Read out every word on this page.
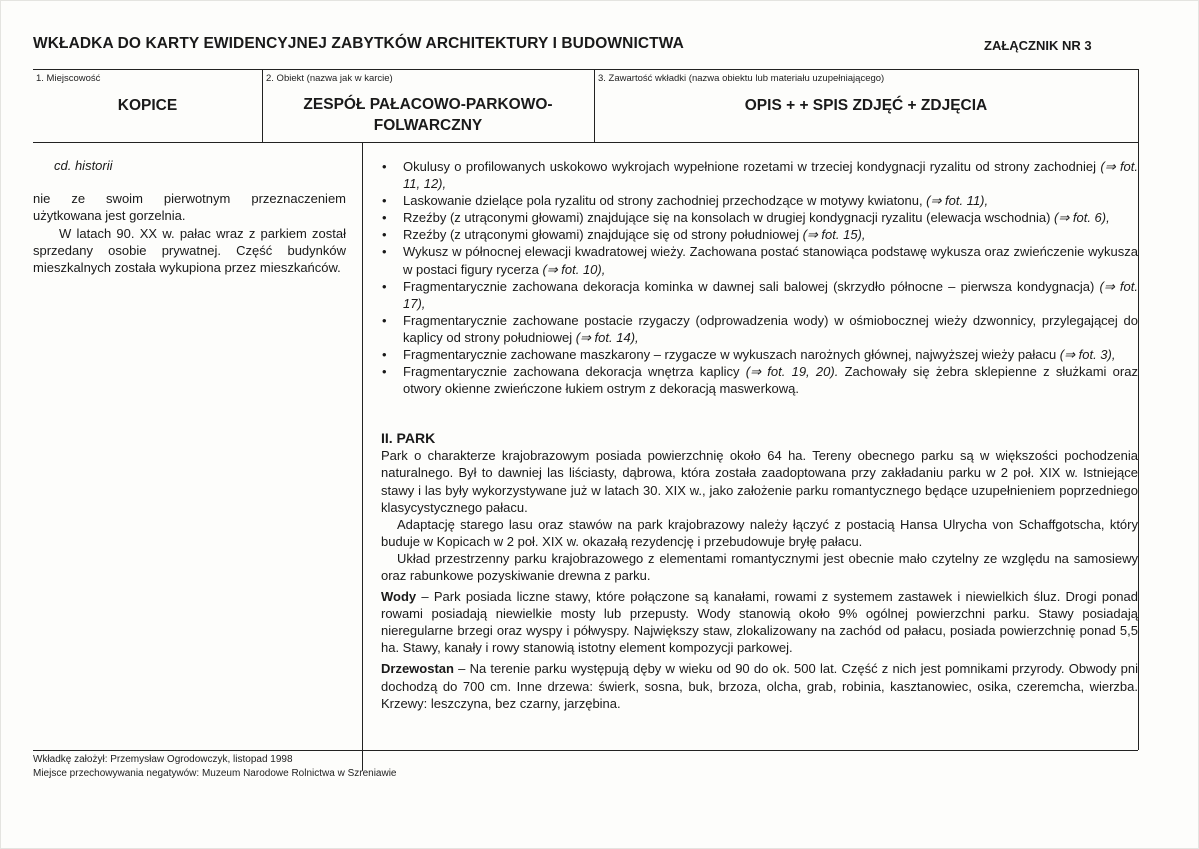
WKŁADKA DO KARTY EWIDENCYJNEJ ZABYTKÓW ARCHITEKTURY I BUDOWNICTWA	ZAŁĄCZNIK NR 3
1. Miejscowość
KOPICE
2. Obiekt (nazwa jak w karcie)
ZESPÓŁ PAŁACOWO-PARKOWO-
FOLWARCZNY
3. Zawartość wkładki (nazwa obiektu lub materiału uzupełniającego)
OPIS + + SPIS ZDJĘĆ + ZDJĘCIA
cd. historii

nie ze swoim pierwotnym przeznaczeniem użytkowana jest gorzelnia.

W latach 90. XX w. pałac wraz z parkiem został sprzedany osobie prywatnej. Część budynków mieszkalnych została wykupiona przez mieszkańców.

• Okulusy o profilowanych uskokowo wykrojach wypełnione rozetami w trzeciej kondygnacji ryzalitu od strony zachodniej (⇒ fot. 11, 12),
• Laskowanie dzielące pola ryzalitu od strony zachodniej przechodzące w motywy kwiatonu, (⇒ fot. 11),
• Rzeźby (z utrąconymi głowami) znajdujące się na konsolach w drugiej kondygnacji ryzalitu (elewacja wschodnia) (⇒ fot. 6),
• Rzeźby (z utrąconymi głowami) znajdujące się od strony południowej (⇒ fot. 15),
• Wykusz w północnej elewacji kwadratowej wieży. Zachowana postać stanowiąca podstawę wykusza oraz zwieńczenie wykusza w postaci figury rycerza (⇒ fot. 10),
• Fragmentarycznie zachowana dekoracja kominka w dawnej sali balowej (skrzydło północne – pierwsza kondygnacja) (⇒ fot. 17),
• Fragmentarycznie zachowane postacie rzygaczy (odprowadzenia wody) w ośmiobocznej wieży dzwonnicy, przylegającej do kaplicy od strony południowej (⇒ fot. 14),
• Fragmentarycznie zachowane maszkarony – rzygacze w wykuszach narożnych głównej, najwyższej wieży pałacu (⇒ fot. 3),
• Fragmentarycznie zachowana dekoracja wnętrza kaplicy (⇒ fot. 19, 20). Zachowały się żebra sklepienne z służkami oraz otwory okienne zwieńczone łukiem ostrym z dekoracją maswerkową.
II. PARK

Park o charakterze krajobrazowym posiada powierzchnię około 64 ha. Tereny obecnego parku są w większości pochodzenia naturalnego. Był to dawniej las liściasty, dąbrowa, która została zaadoptowana przy zakładaniu parku w 2 poł. XIX w. Istniejące stawy i las były wykorzystywane już w latach 30. XIX w., jako założenie parku romantycznego będące uzupełnieniem poprzedniego klasycystycznego pałacu.

Adaptację starego lasu oraz stawów na park krajobrazowy należy łączyć z postacią Hansa Ulrycha von Schaffgotscha, który buduje w Kopicach w 2 poł. XIX w. okazałą rezydencję i przebudowuje bryłę pałacu.

Układ przestrzenny parku krajobrazowego z elementami romantycznymi jest obecnie mało czytelny ze względu na samosiewy oraz rabunkowe pozyskiwanie drewna z parku.

Wody – Park posiada liczne stawy, które połączone są kanałami, rowami z systemem zastawek i niewielkich śluz. Drogi ponad rowami posiadają niewielkie mosty lub przepusty. Wody stanowią około 9% ogólnej powierzchni parku. Stawy posiadają nieregularne brzegi oraz wyspy i półwyspy. Największy staw, zlokalizowany na zachód od pałacu, posiada powierzchnię ponad 5,5 ha. Stawy, kanały i rowy stanowią istotny element kompozycji parkowej.

Drzewostan – Na terenie parku występują dęby w wieku od 90 do ok. 500 lat. Część z nich jest pomnikami przyrody. Obwody pni dochodzą do 700 cm. Inne drzewa: świerk, sosna, buk, brzoza, olcha, grab, robinia, kasztanowiec, osika, czeremcha, wierzba. Krzewy: leszczyna, bez czarny, jarzębina.

Wkładkę założył: Przemysław Ogrodowczyk, listopad 1998
Miejsce przechowywania negatywów: Muzeum Narodowe Rolnictwa w Szreniawie
